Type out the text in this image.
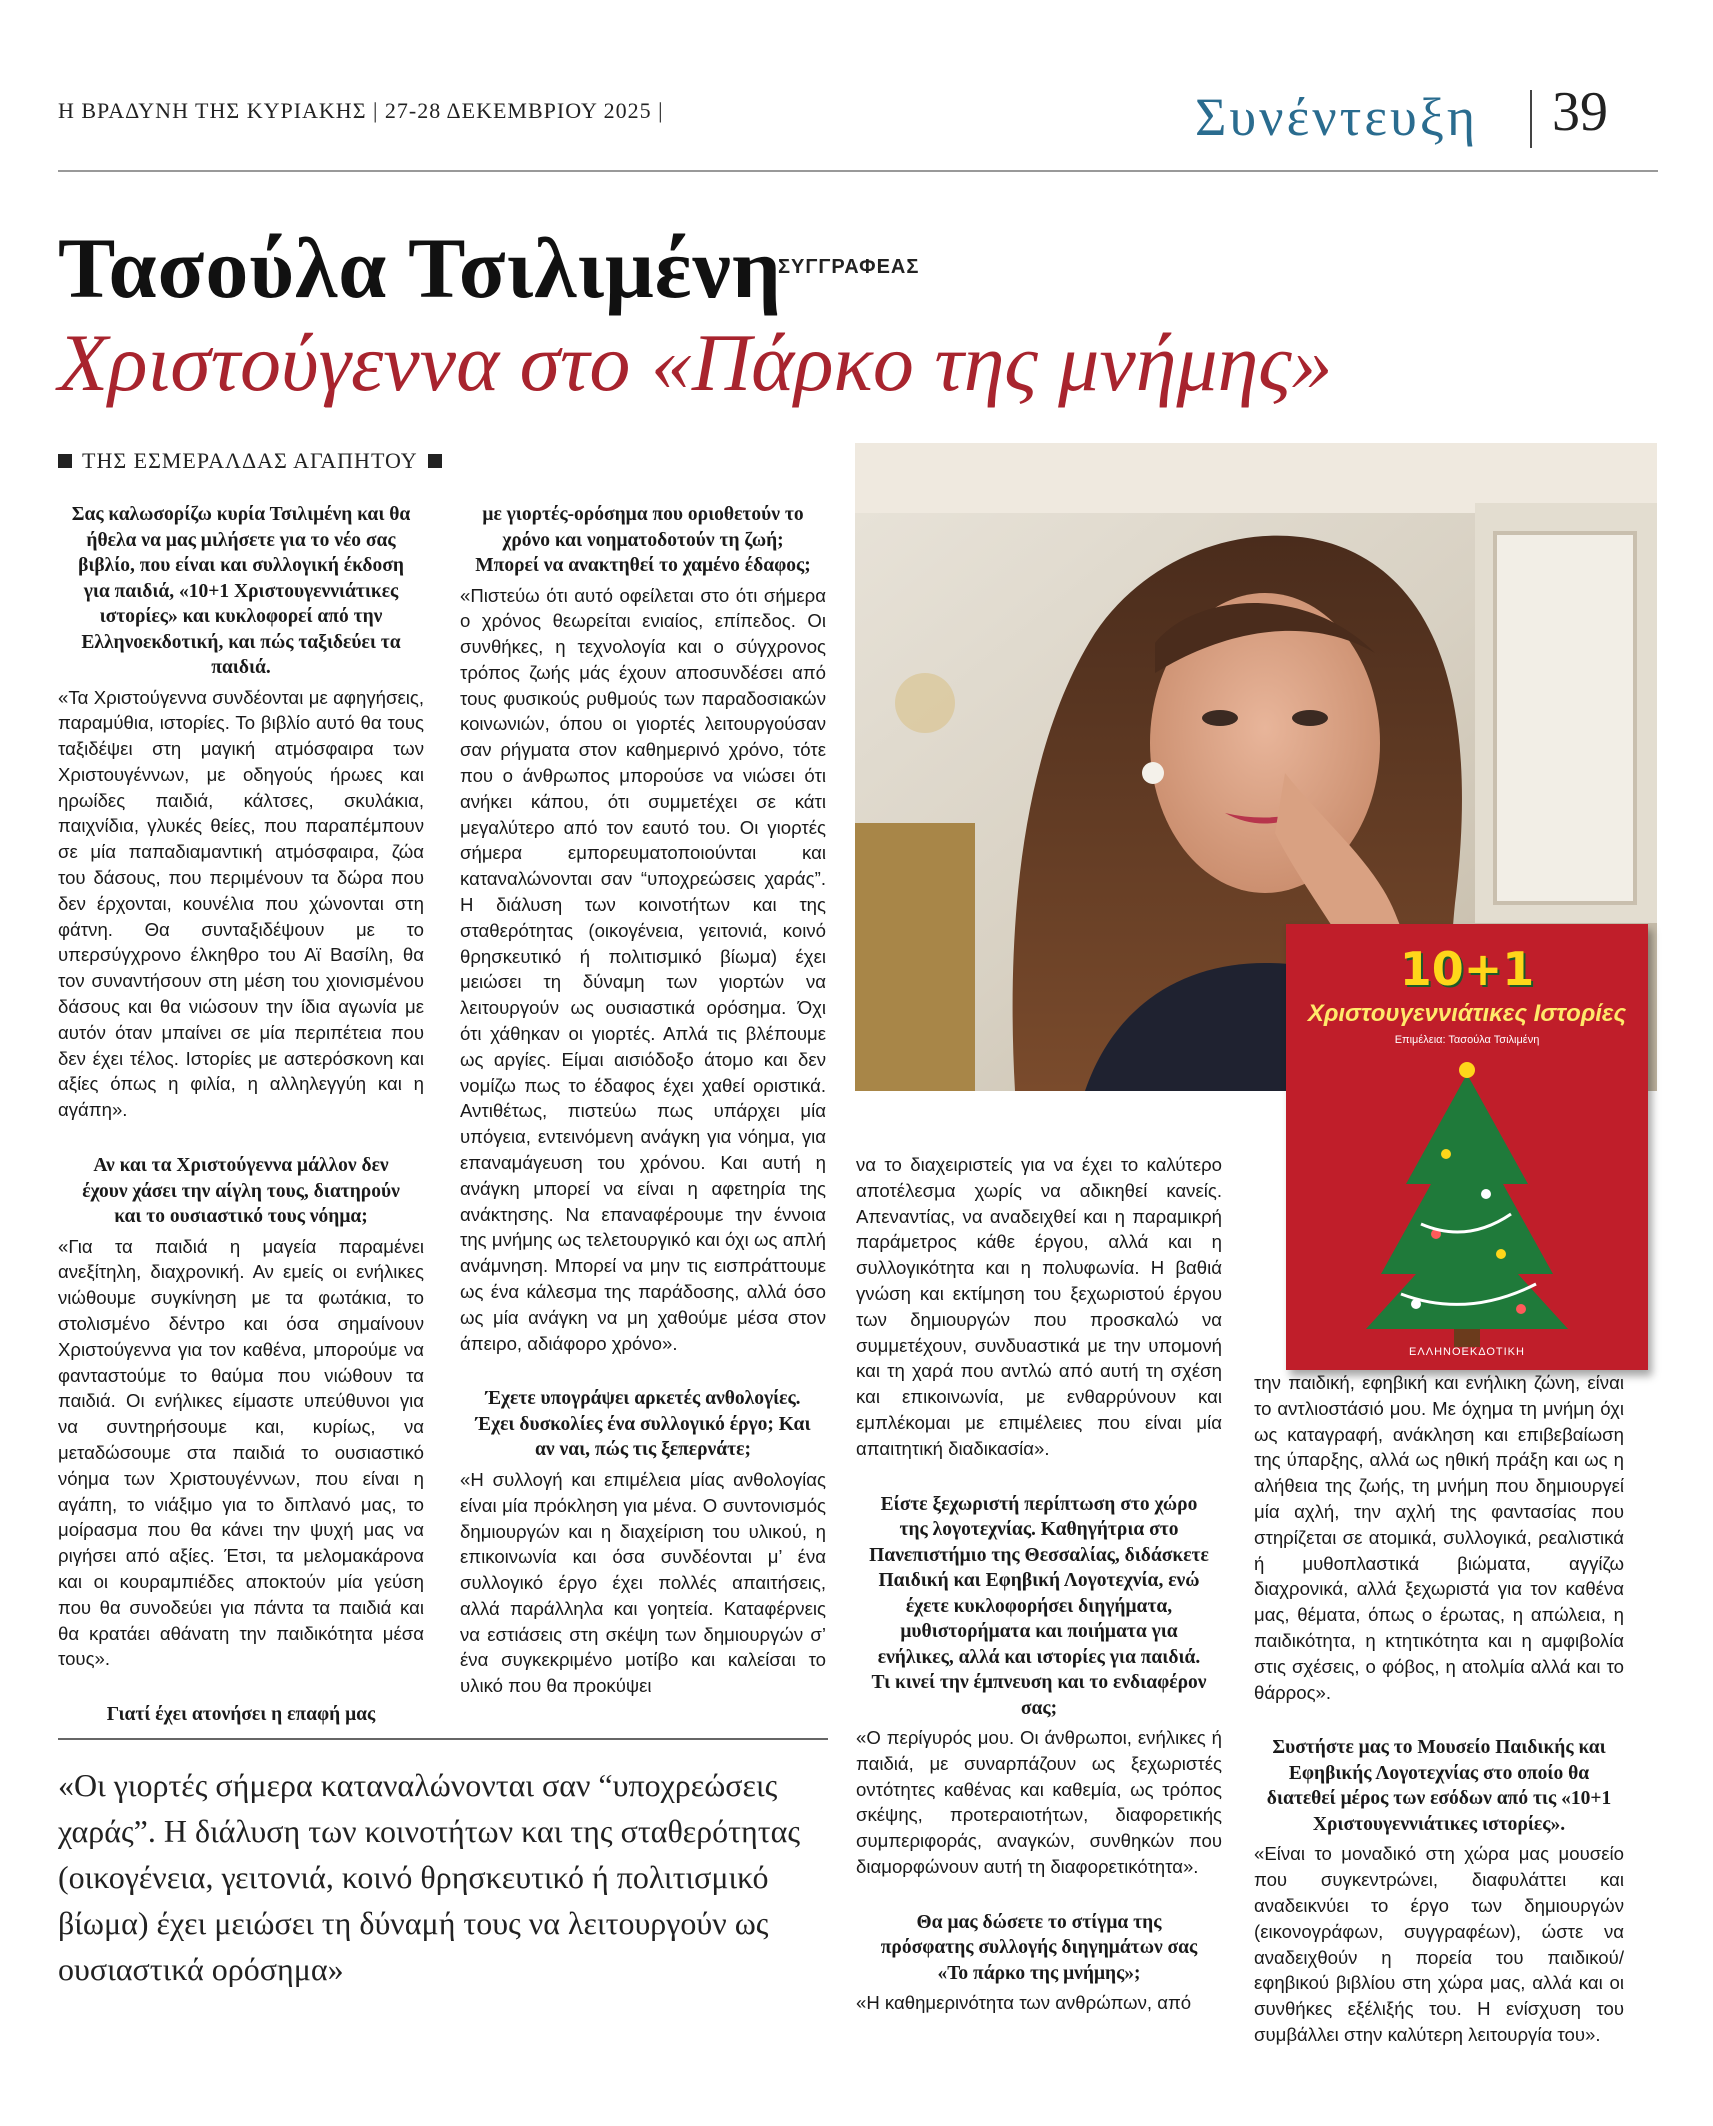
Η ΒΡΑΔΥΝΗ ΤΗΣ ΚΥΡΙΑΚΗΣ | 27-28 ΔΕΚΕΜΒΡΙΟΥ 2025 |	Συνέντευξη 39
Τασούλα Τσιλιμένη
ΣΥΓΓΡΑΦΕΑΣ
Χριστούγεννα στο «Πάρκο της μνήμης»
ΤΗΣ ΕΣΜΕΡΑΛΔΑΣ ΑΓΑΠΗΤΟΥ
10+1
Χριστουγεννιάτικες Ιστορίες
Επιμέλεια: Τασούλα Τσιλιμένη
ΕΛΛΗΝΟΕΚΔΟΤΙΚΗ

Σας καλωσορίζω κυρία Τσιλιμένη και θα ήθελα να μας μιλήσετε για το νέο σας βιβλίο, που είναι και συλλογική έκδοση για παιδιά, «10+1 Χριστουγεννιάτικες ιστορίες» και κυκλοφορεί από την Ελληνοεκδοτική, και πώς ταξιδεύει τα παιδιά.

«Τα Χριστούγεννα συνδέονται με αφηγήσεις, παραμύθια, ιστορίες. Το βιβλίο αυτό θα τους ταξιδέψει στη μαγική ατμόσφαιρα των Χριστουγέννων, με οδηγούς ήρωες και ηρωίδες παιδιά, κάλτσες, σκυλάκια, παιχνίδια, γλυκές θείες, που παραπέμπουν σε μία παπαδιαμαντική ατμόσφαιρα, ζώα του δάσους, που περιμένουν τα δώρα που δεν έρχονται, κουνέλια που χώνονται στη φάτνη. Θα συνταξιδέψουν με το υπερσύγχρονο έλκηθρο του Αϊ Βασίλη, θα τον συναντήσουν στη μέση του χιονισμένου δάσους και θα νιώσουν την ίδια αγωνία με αυτόν όταν μπαίνει σε μία περιπέτεια που δεν έχει τέλος. Ιστορίες με αστερόσκονη και αξίες όπως η φιλία, η αλληλεγγύη και η αγάπη».

Αν και τα Χριστούγεννα μάλλον δεν έχουν χάσει την αίγλη τους, διατηρούν και το ουσιαστικό τους νόημα;

«Για τα παιδιά η μαγεία παραμένει ανεξίτηλη, διαχρονική. Αν εμείς οι ενήλικες νιώθουμε συγκίνηση με τα φωτάκια, το στολισμένο δέντρο και όσα σημαίνουν Χριστούγεννα για τον καθένα, μπορούμε να φανταστούμε το θαύμα που νιώθουν τα παιδιά. Οι ενήλικες είμαστε υπεύθυνοι για να συντηρήσουμε και, κυρίως, να μεταδώσουμε στα παιδιά το ουσιαστικό νόημα των Χριστουγέννων, που είναι η αγάπη, το νιάξιμο για το διπλανό μας, το μοίρασμα που θα κάνει την ψυχή μας να ριγήσει από αξίες. Έτσι, τα μελομακάρονα και οι κουραμπιέδες αποκτούν μία γεύση που θα συνοδεύει για πάντα τα παιδιά και θα κρατάει αθάνατη την παιδικότητα μέσα τους».

Γιατί έχει ατονήσει η επαφή μας

με γιορτές-ορόσημα που οριοθετούν το χρόνο και νοηματοδοτούν τη ζωή; Μπορεί να ανακτηθεί το χαμένο έδαφος;

«Πιστεύω ότι αυτό οφείλεται στο ότι σήμερα ο χρόνος θεωρείται ενιαίος, επίπεδος. Οι συνθήκες, η τεχνολογία και ο σύγχρονος τρόπος ζωής μάς έχουν αποσυνδέσει από τους φυσικούς ρυθμούς των παραδοσιακών κοινωνιών, όπου οι γιορτές λειτουργούσαν σαν ρήγματα στον καθημερινό χρόνο, τότε που ο άνθρωπος μπορούσε να νιώσει ότι ανήκει κάπου, ότι συμμετέχει σε κάτι μεγαλύτερο από τον εαυτό του. Οι γιορτές σήμερα εμπορευματοποιούνται και καταναλώνονται σαν “υποχρεώσεις χαράς”. Η διάλυση των κοινοτήτων και της σταθερότητας (οικογένεια, γειτονιά, κοινό θρησκευτικό ή πολιτισμικό βίωμα) έχει μειώσει τη δύναμη των γιορτών να λειτουργούν ως ουσιαστικά ορόσημα. Όχι ότι χάθηκαν οι γιορτές. Απλά τις βλέπουμε ως αργίες. Είμαι αισιόδοξο άτομο και δεν νομίζω πως το έδαφος έχει χαθεί οριστικά. Αντιθέτως, πιστεύω πως υπάρχει μία υπόγεια, εντεινόμενη ανάγκη για νόημα, για επαναμάγευση του χρόνου. Και αυτή η ανάγκη μπορεί να είναι η αφετηρία της ανάκτησης. Να επαναφέρουμε την έννοια της μνήμης ως τελετουργικό και όχι ως απλή ανάμνηση. Μπορεί να μην τις εισπράττουμε ως ένα κάλεσμα της παράδοσης, αλλά όσο ως μία ανάγκη να μη χαθούμε μέσα στον άπειρο, αδιάφορο χρόνο».

Έχετε υπογράψει αρκετές ανθολογίες. Έχει δυσκολίες ένα συλλογικό έργο; Και αν ναι, πώς τις ξεπερνάτε;

«Η συλλογή και επιμέλεια μίας ανθολογίας είναι μία πρόκληση για μένα. Ο συντονισμός δημιουργών και η διαχείριση του υλικού, η επικοινωνία και όσα συνδέονται μ’ ένα συλλογικό έργο έχει πολλές απαιτήσεις, αλλά παράλληλα και γοητεία. Καταφέρνεις να εστιάσεις στη σκέψη των δημιουργών σ’ ένα συγκεκριμένο μοτίβο και καλείσαι το υλικό που θα προκύψει

να το διαχειριστείς για να έχει το καλύτερο αποτέλεσμα χωρίς να αδικηθεί κανείς. Απεναντίας, να αναδειχθεί και η παραμικρή παράμετρος κάθε έργου, αλλά και η συλλογικότητα και η πολυφωνία. Η βαθιά γνώση και εκτίμηση του ξεχωριστού έργου των δημιουργών που προσκαλώ να συμμετέχουν, συνδυαστικά με την υπομονή και τη χαρά που αντλώ από αυτή τη σχέση και επικοινωνία, με ενθαρρύνουν και εμπλέκομαι με επιμέλειες που είναι μία απαιτητική διαδικασία».

Είστε ξεχωριστή περίπτωση στο χώρο της λογοτεχνίας. Καθηγήτρια στο Πανεπιστήμιο της Θεσσαλίας, διδάσκετε Παιδική και Εφηβική Λογοτεχνία, ενώ έχετε κυκλοφορήσει διηγήματα, μυθιστορήματα και ποιήματα για ενήλικες, αλλά και ιστορίες για παιδιά. Τι κινεί την έμπνευση και το ενδιαφέρον σας;

«Ο περίγυρός μου. Οι άνθρωποι, ενήλικες ή παιδιά, με συναρπάζουν ως ξεχωριστές οντότητες καθένας και καθεμία, ως τρόπος σκέψης, προτεραιοτήτων, διαφορετικής συμπεριφοράς, αναγκών, συνθηκών που διαμορφώνουν αυτή τη διαφορετικότητα».

Θα μας δώσετε το στίγμα της πρόσφατης συλλογής διηγημάτων σας «Το πάρκο της μνήμης»;

«Η καθημερινότητα των ανθρώπων, από

την παιδική, εφηβική και ενήλικη ζώνη, είναι το αντλιοστάσιό μου. Με όχημα τη μνήμη όχι ως καταγραφή, ανάκληση και επιβεβαίωση της ύπαρξης, αλλά ως ηθική πράξη και ως η αλήθεια της ζωής, τη μνήμη που δημιουργεί μία αχλή, την αχλή της φαντασίας που στηρίζεται σε ατομικά, συλλογικά, ρεαλιστικά ή μυθοπλαστικά βιώματα, αγγίζω διαχρονικά, αλλά ξεχωριστά για τον καθένα μας, θέματα, όπως ο έρωτας, η απώλεια, η παιδικότητα, η κτητικότητα και η αμφιβολία στις σχέσεις, ο φόβος, η ατολμία αλλά και το θάρρος».

Συστήστε μας το Μουσείο Παιδικής και Εφηβικής Λογοτεχνίας στο οποίο θα διατεθεί μέρος των εσόδων από τις «10+1 Χριστουγεννιάτικες ιστορίες».

«Είναι το μοναδικό στη χώρα μας μουσείο που συγκεντρώνει, διαφυλάττει και αναδεικνύει το έργο των δημιουργών (εικονογράφων, συγγραφέων), ώστε να αναδειχθούν η πορεία του παιδικού/εφηβικού βιβλίου στη χώρα μας, αλλά και οι συνθήκες εξέλιξής του. Η ενίσχυση του συμβάλλει στην καλύτερη λειτουργία του».

«Οι γιορτές σήμερα καταναλώνονται σαν “υποχρεώσεις χαράς”. Η διάλυση των κοινοτήτων και της σταθερότητας (οικογένεια, γειτονιά, κοινό θρησκευτικό ή πολιτισμικό βίωμα) έχει μειώσει τη δύναμή τους να λειτουργούν ως ουσιαστικά ορόσημα»
